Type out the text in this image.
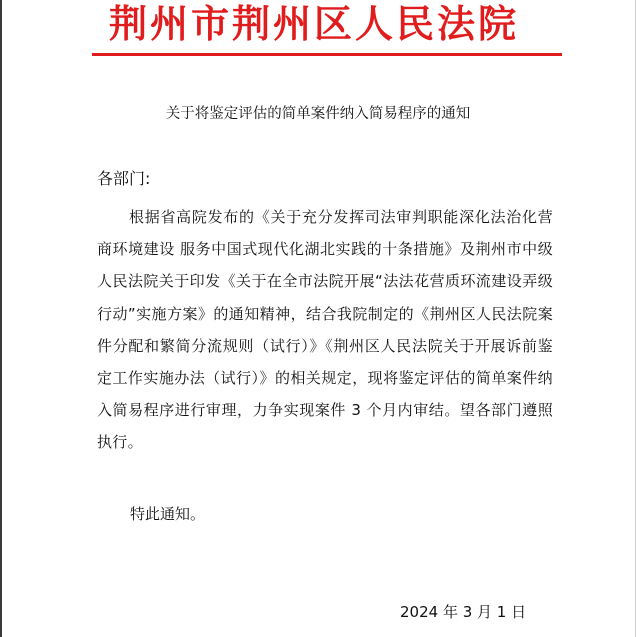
荆州市荆州区人民法院
关于将鉴定评估的简单案件纳入简易程序的通知
各部门:

根据省高院发布的《关于充分发挥司法审判职能深化法治化营商环境建设 服务中国式现代化湖北实践的十条措施》及荆州市中级人民法院关于印发《关于在全市法院开展“法法花营质环流建设弄级行动”实施方案》的通知精神，结合我院制定的《荆州区人民法院案件分配和繁简分流规则（试行）》《荆州区人民法院关于开展诉前鉴定工作实施办法（试行）》的相关规定，现将鉴定评估的简单案件纳入简易程序进行审理，力争实现案件 3 个月内审结。望各部门遵照执行。

特此通知。
2024 年 3 月 1 日
